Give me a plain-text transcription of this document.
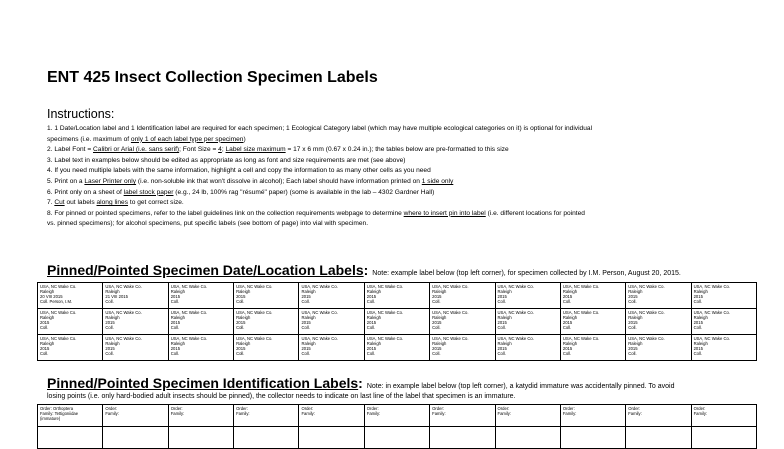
ENT 425 Insect Collection Specimen Labels
Instructions:
1. 1 Date/Location label and 1 Identification label are required for each specimen; 1 Ecological Category label (which may have multiple ecological categories on it) is optional for individual
specimens (i.e. maximum of only 1 of each label type per specimen)
2. Label Font = Calibri or Arial (i.e. sans serif); Font Size = 4; Label size maximum = 17 x 6 mm (0.67 x 0.24 in.); the tables below are pre-formatted to this size
3. Label text in examples below should be edited as appropriate as long as font and size requirements are met (see above)
4. If you need multiple labels with the same information, highlight a cell and copy the information to as many other cells as you need
5. Print on a Laser Printer only (i.e. non-soluble ink that won't dissolve in alcohol); Each label should have information printed on 1 side only
6. Print only on a sheet of label stock paper (e.g., 24 lb, 100% rag "résumé" paper) (some is available in the lab – 4302 Gardner Hall)
7. Cut out labels along lines to get correct size.
8. For pinned or pointed specimens, refer to the label guidelines link on the collection requirements webpage to determine where to insert pin into label (i.e. different locations for pointed
vs. pinned specimens); for alcohol specimens, put specific labels (see bottom of page) into vial with specimen.
Pinned/Pointed Specimen Date/Location Labels: Note: example label below (top left corner), for specimen collected by I.M. Person, August 20, 2015.
USA, NC Wake Co.
Raleigh
20 VIII 2015
Coll. Person, I.M.	USA, NC Wake Co.
Raleigh
21 VIII 2015
Coll.	USA, NC Wake Co.
Raleigh
2015
Coll.	USA, NC Wake Co.
Raleigh
2015
Coll.	USA, NC Wake Co.
Raleigh
2015
Coll.	USA, NC Wake Co.
Raleigh
2015
Coll.	USA, NC Wake Co.
Raleigh
2015
Coll.	USA, NC Wake Co.
Raleigh
2015
Coll.	USA, NC Wake Co.
Raleigh
2015
Coll.	USA, NC Wake Co.
Raleigh
2015
Coll.	USA, NC Wake Co.
Raleigh
2015
Coll.

USA, NC Wake Co.
Raleigh
2015
Coll.	USA, NC Wake Co.
Raleigh
2015
Coll.	USA, NC Wake Co.
Raleigh
2015
Coll.	USA, NC Wake Co.
Raleigh
2015
Coll.	USA, NC Wake Co.
Raleigh
2015
Coll.	USA, NC Wake Co.
Raleigh
2015
Coll.	USA, NC Wake Co.
Raleigh
2015
Coll.	USA, NC Wake Co.
Raleigh
2015
Coll.	USA, NC Wake Co.
Raleigh
2015
Coll.	USA, NC Wake Co.
Raleigh
2015
Coll.	USA, NC Wake Co.
Raleigh
2015
Coll.

USA, NC Wake Co.
Raleigh
2015
Coll.	USA, NC Wake Co.
Raleigh
2015
Coll.	USA, NC Wake Co.
Raleigh
2015
Coll.	USA, NC Wake Co.
Raleigh
2015
Coll.	USA, NC Wake Co.
Raleigh
2015
Coll.	USA, NC Wake Co.
Raleigh
2015
Coll.	USA, NC Wake Co.
Raleigh
2015
Coll.	USA, NC Wake Co.
Raleigh
2015
Coll.	USA, NC Wake Co.
Raleigh
2015
Coll.	USA, NC Wake Co.
Raleigh
2015
Coll.	USA, NC Wake Co.
Raleigh
2015
Coll.
Pinned/Pointed Specimen Identification Labels: Note: in example label below (top left corner), a katydid immature was accidentally pinned. To avoid
losing points (i.e. only hard-bodied adult insects should be pinned), the collector needs to indicate on last line of the label that specimen is an immature.
Order: Orthoptera
Family: Tettigoniidae
(immature)	Order:
Family:	Order:
Family:	Order:
Family:	Order:
Family:	Order:
Family:	Order:
Family:	Order:
Family:	Order:
Family:	Order:
Family:	Order:
Family:
